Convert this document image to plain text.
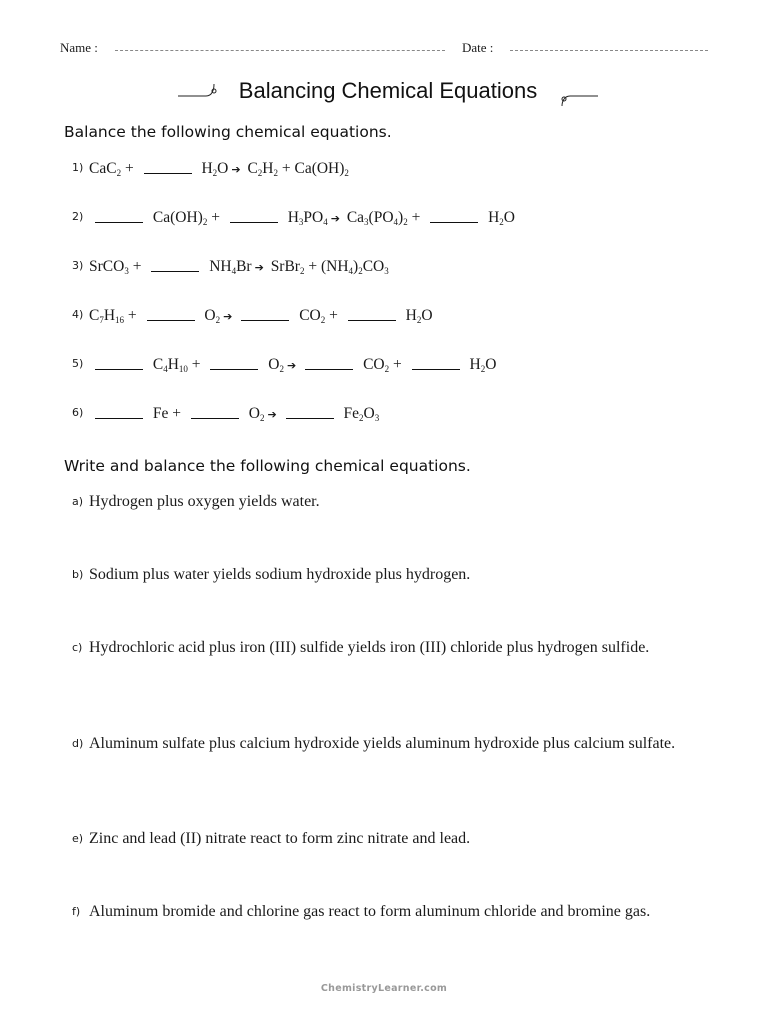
Name :	Date :
Balancing Chemical Equations
Balance the following chemical equations.
1) CaC$_2$ +	$H_2O$ ➔ $C_2H_2 + Ca(OH)_2$
2)	$Ca(OH)_2$ +	$H_3PO_4$ ➔ $Ca_3(PO_4)_2$ +	$H_2O$
3) SrCO$_3$ +	$NH_4Br$ ➔ SrBr$_2$ + $(NH_4)_2CO_3$
4) $C_7H_{16}$ +	$O_2$ ➔	$CO_2$ +	$H_2O$
5)	$C_4H_{10}$ +	$O_2$ ➔	$CO_2$ +	$H_2O$
6)	Fe +	$O_2$ ➔	$Fe_2O_3$
Write and balance the following chemical equations.
a) Hydrogen plus oxygen yields water.
b) Sodium plus water yields sodium hydroxide plus hydrogen.
c) Hydrochloric acid plus iron (III) sulfide yields iron (III) chloride plus hydrogen sulfide.
d) Aluminum sulfate plus calcium hydroxide yields aluminum hydroxide plus calcium sulfate.
e) Zinc and lead (II) nitrate react to form zinc nitrate and lead.
f) Aluminum bromide and chlorine gas react to form aluminum chloride and bromine gas.
ChemistryLearner.com
